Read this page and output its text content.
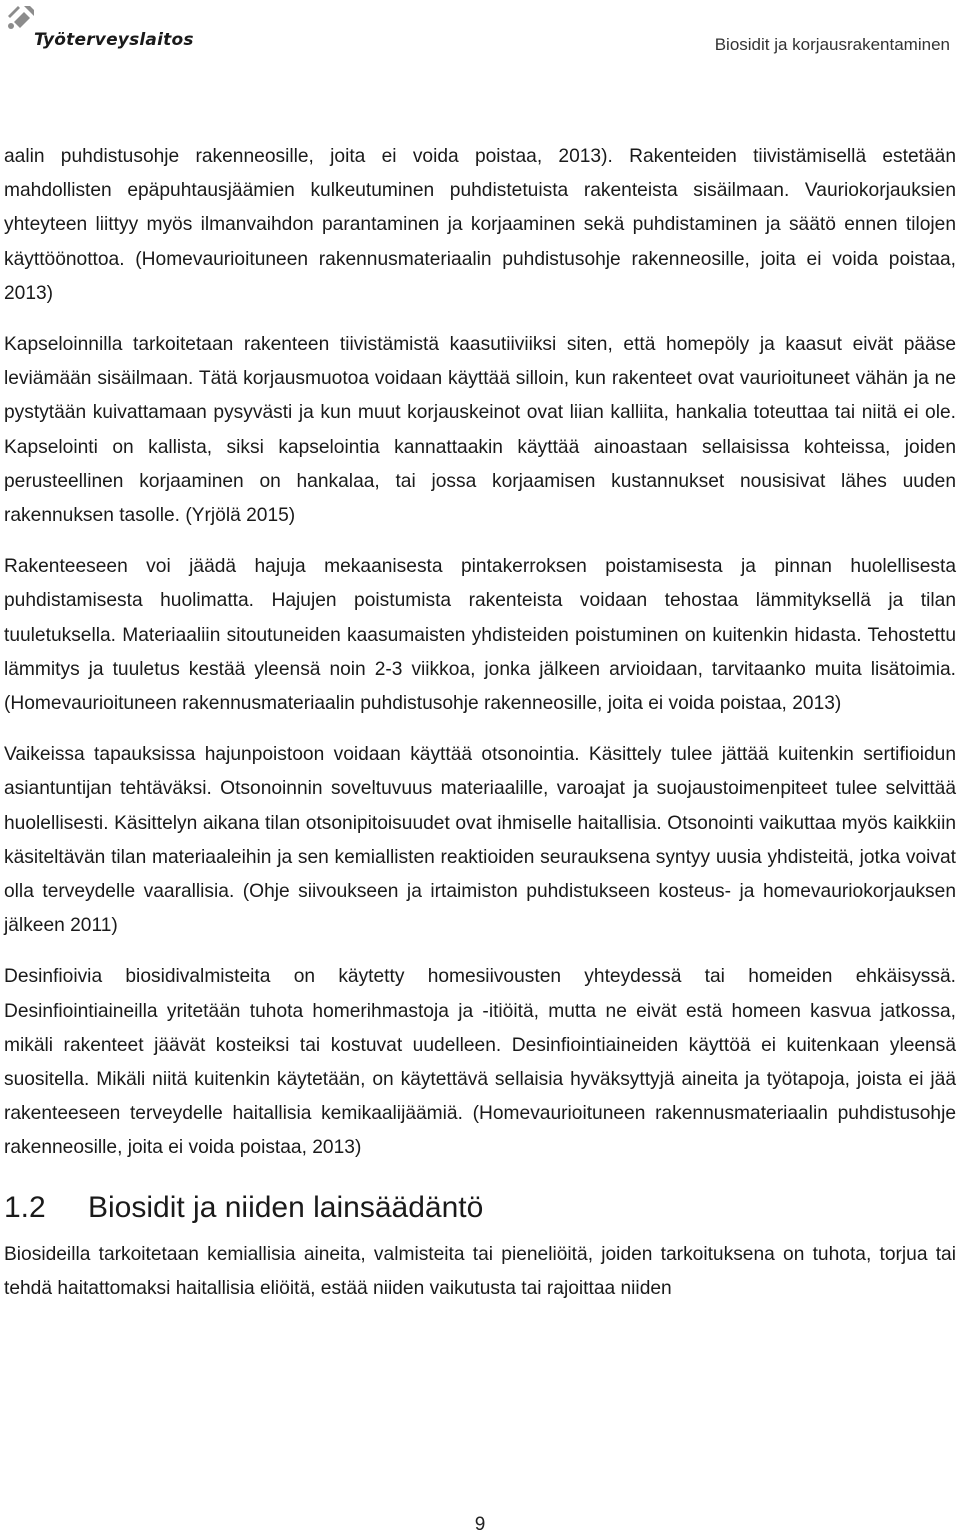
Työterveyslaitos	Biosidit ja korjausrakentaminen

aalin puhdistusohje rakenneosille, joita ei voida poistaa, 2013). Rakenteiden tiivistämisellä estetään mahdollisten epäpuhtausjäämien kulkeutuminen puhdistetuista rakenteista sisäilmaan. Vauriokorjauksien yhteyteen liittyy myös ilmanvaihdon parantaminen ja korjaaminen sekä puhdistaminen ja säätö ennen tilojen käyttöönottoa. (Homevaurioituneen rakennusmateriaalin puhdistusohje rakenneosille, joita ei voida poistaa, 2013)

Kapseloinnilla tarkoitetaan rakenteen tiivistämistä kaasutiiviiksi siten, että homepöly ja kaasut eivät pääse leviämään sisäilmaan. Tätä korjausmuotoa voidaan käyttää silloin, kun rakenteet ovat vaurioituneet vähän ja ne pystytään kuivattamaan pysyvästi ja kun muut korjauskeinot ovat liian kalliita, hankalia toteuttaa tai niitä ei ole. Kapselointi on kallista, siksi kapselointia kannattaakin käyttää ainoastaan sellaisissa kohteissa, joiden perusteellinen korjaaminen on hankalaa, tai jossa korjaamisen kustannukset nousisivat lähes uuden rakennuksen tasolle. (Yrjölä 2015)

Rakenteeseen voi jäädä hajuja mekaanisesta pintakerroksen poistamisesta ja pinnan huolellisesta puhdistamisesta huolimatta. Hajujen poistumista rakenteista voidaan tehostaa lämmityksellä ja tilan tuuletuksella. Materiaaliin sitoutuneiden kaasumaisten yhdisteiden poistuminen on kuitenkin hidasta. Tehostettu lämmitys ja tuuletus kestää yleensä noin 2-3 viikkoa, jonka jälkeen arvioidaan, tarvitaanko muita lisätoimia. (Homevaurioituneen rakennusmateriaalin puhdistusohje rakenneosille, joita ei voida poistaa, 2013)

Vaikeissa tapauksissa hajunpoistoon voidaan käyttää otsonointia. Käsittely tulee jättää kuitenkin sertifioidun asiantuntijan tehtäväksi. Otsonoinnin soveltuvuus materiaalille, varoajat ja suojaustoimenpiteet tulee selvittää huolellisesti. Käsittelyn aikana tilan otsonipitoisuudet ovat ihmiselle haitallisia. Otsonointi vaikuttaa myös kaikkiin käsiteltävän tilan materiaaleihin ja sen kemiallisten reaktioiden seurauksena syntyy uusia yhdisteitä, jotka voivat olla terveydelle vaarallisia. (Ohje siivoukseen ja irtaimiston puhdistukseen kosteus- ja homevauriokorjauksen jälkeen 2011)

Desinfioivia biosidivalmisteita on käytetty homesiivousten yhteydessä tai homeiden ehkäisyssä. Desinfiointiaineilla yritetään tuhota homerihmastoja ja -itiöitä, mutta ne eivät estä homeen kasvua jatkossa, mikäli rakenteet jäävät kosteiksi tai kostuvat uudelleen. Desinfiointiaineiden käyttöä ei kuitenkaan yleensä suositella. Mikäli niitä kuitenkin käytetään, on käytettävä sellaisia hyväksyttyjä aineita ja työtapoja, joista ei jää rakenteeseen terveydelle haitallisia kemikaalijäämiä. (Homevaurioituneen rakennusmateriaalin puhdistusohje rakenneosille, joita ei voida poistaa, 2013)

1.2	Biosidit ja niiden lainsäädäntö

Biosideilla tarkoitetaan kemiallisia aineita, valmisteita tai pieneliöitä, joiden tarkoituksena on tuhota, torjua tai tehdä haitattomaksi haitallisia eliöitä, estää niiden vaikutusta tai rajoittaa niiden

9
